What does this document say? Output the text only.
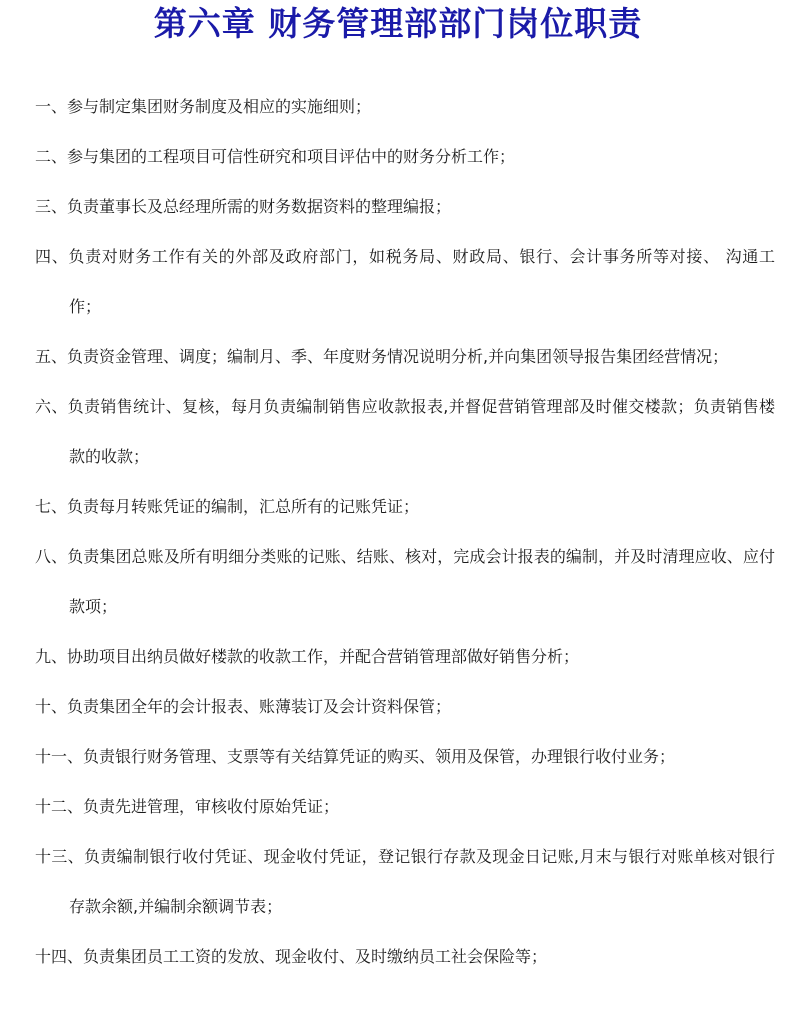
第六章 财务管理部部门岗位职责
一、参与制定集团财务制度及相应的实施细则；
二、参与集团的工程项目可信性研究和项目评估中的财务分析工作；
三、负责董事长及总经理所需的财务数据资料的整理编报；
四、负责对财务工作有关的外部及政府部门，如税务局、财政局、银行、会计事务所等对接、 沟通工作；
五、负责资金管理、调度；编制月、季、年度财务情况说明分析,并向集团领导报告集团经营情况；
六、负责销售统计、复核，每月负责编制销售应收款报表,并督促营销管理部及时催交楼款；负责销售楼款的收款；
七、负责每月转账凭证的编制，汇总所有的记账凭证；
八、负责集团总账及所有明细分类账的记账、结账、核对，完成会计报表的编制，并及时清理应收、应付款项；
九、协助项目出纳员做好楼款的收款工作，并配合营销管理部做好销售分析；
十、负责集团全年的会计报表、账薄装订及会计资料保管；
十一、负责银行财务管理、支票等有关结算凭证的购买、领用及保管，办理银行收付业务；
十二、负责先进管理，审核收付原始凭证；
十三、负责编制银行收付凭证、现金收付凭证，登记银行存款及现金日记账,月末与银行对账单核对银行存款余额,并编制余额调节表；
十四、负责集团员工工资的发放、现金收付、及时缴纳员工社会保险等；
